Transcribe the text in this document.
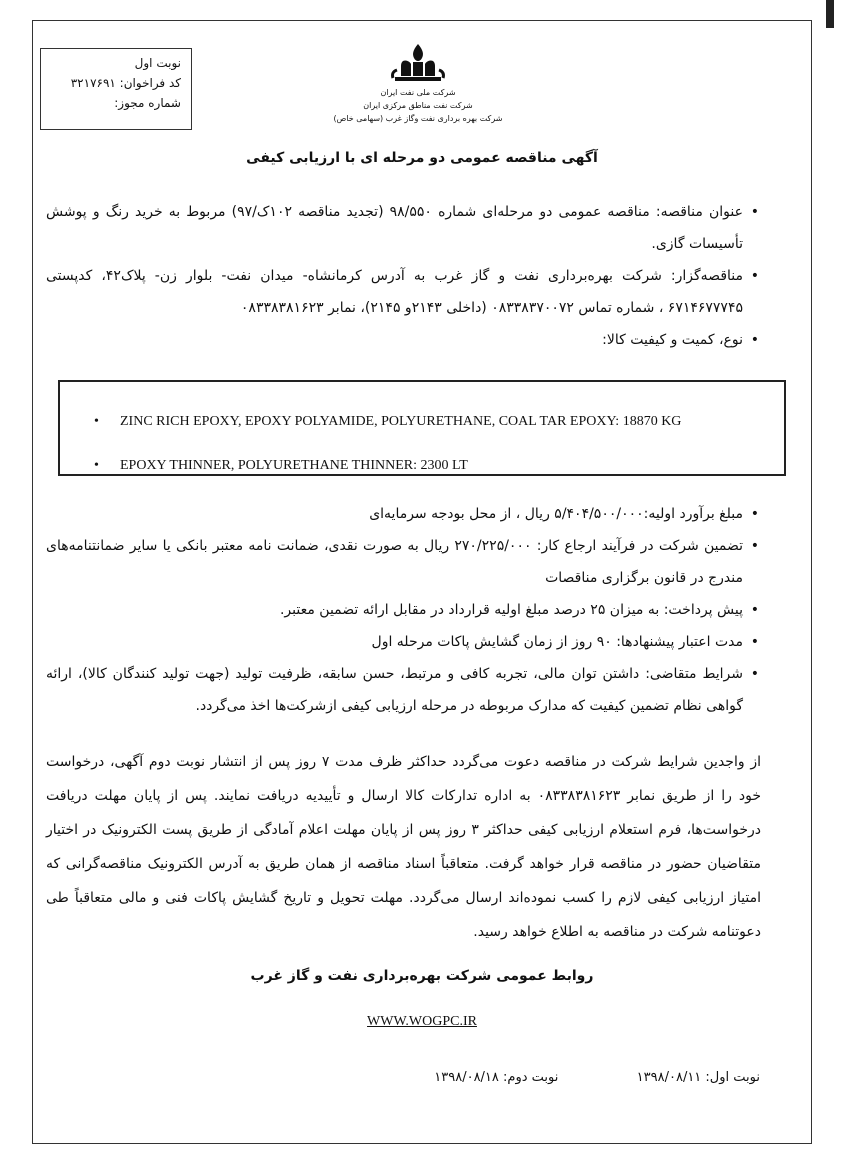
نوبت اول
کد فراخوان: ۳۲۱۷۶۹۱
شماره مجوز:
شرکت ملی نفت ایران
شرکت نفت مناطق مرکزی ایران
شرکت بهره برداری نفت وگاز غرب (سهامی خاص)
آگهی مناقصه عمومی دو مرحله ای با ارزیابی کیفی
• عنوان مناقصه: مناقصه عمومی دو مرحله‌ای شماره ۹۸/۵۵۰ (تجدید مناقصه ۱۰۲ک/۹۷) مربوط به خرید رنگ و پوشش تأسیسات گازی.
• مناقصه‌گزار: شرکت بهره‌برداری نفت و گاز غرب به آدرس کرمانشاه- میدان نفت- بلوار زن- پلاک۴۲، کدپستی ۶۷۱۴۶۷۷۷۴۵ ، شماره تماس ۰۸۳۳۸۳۷۰۰۷۲ (داخلی ۲۱۴۳و ۲۱۴۵)، نمابر ۰۸۳۳۸۳۸۱۶۲۳
• نوع، کمیت و کیفیت کالا:
• ZINC RICH EPOXY, EPOXY POLYAMIDE, POLYURETHANE, COAL TAR EPOXY: 18870 KG
• EPOXY THINNER, POLYURETHANE THINNER: 2300 LT
• مبلغ برآورد اولیه:۵/۴۰۴/۵۰۰/۰۰۰ ریال ، از محل بودجه سرمایه‌ای
• تضمین شرکت در فرآیند ارجاع کار: ۲۷۰/۲۲۵/۰۰۰ ریال به صورت نقدی، ضمانت نامه معتبر بانکی یا سایر ضمانتنامه‌های مندرج در قانون برگزاری مناقصات
• پیش پرداخت: به میزان ۲۵ درصد مبلغ اولیه قرارداد در مقابل ارائه تضمین معتبر.
• مدت اعتبار پیشنهادها: ۹۰ روز از زمان گشایش پاکات مرحله اول
• شرایط متقاضی: داشتن توان مالی، تجربه کافی و مرتبط، حسن سابقه، ظرفیت تولید (جهت تولید کنندگان کالا)، ارائه گواهی نظام تضمین کیفیت که مدارک مربوطه در مرحله ارزیابی کیفی ازشرکت‌ها اخذ می‌گردد.
از واجدین شرایط شرکت در مناقصه دعوت می‌گردد حداکثر ظرف مدت ۷ روز پس از انتشار نوبت دوم آگهی، درخواست خود را از طریق نمابر ۰۸۳۳۸۳۸۱۶۲۳ به اداره تدارکات کالا ارسال و تأییدیه دریافت نمایند. پس از پایان مهلت دریافت درخواست‌ها، فرم استعلام ارزیابی کیفی حداکثر ۳ روز پس از پایان مهلت اعلام آمادگی از طریق پست الکترونیک در اختیار متقاضیان حضور در مناقصه قرار خواهد گرفت. متعاقباً اسناد مناقصه از همان طریق به آدرس الکترونیک مناقصه‌گرانی که امتیاز ارزیابی کیفی لازم را کسب نموده‌اند ارسال می‌گردد. مهلت تحویل و تاریخ گشایش پاکات فنی و مالی متعاقباً طی دعوتنامه شرکت در مناقصه به اطلاع خواهد رسید.
روابط عمومی شرکت بهره‌برداری نفت و گاز غرب
WWW.WOGPC.IR
نوبت اول: ۱۳۹۸/۰۸/۱۱  نوبت دوم: ۱۳۹۸/۰۸/۱۸
